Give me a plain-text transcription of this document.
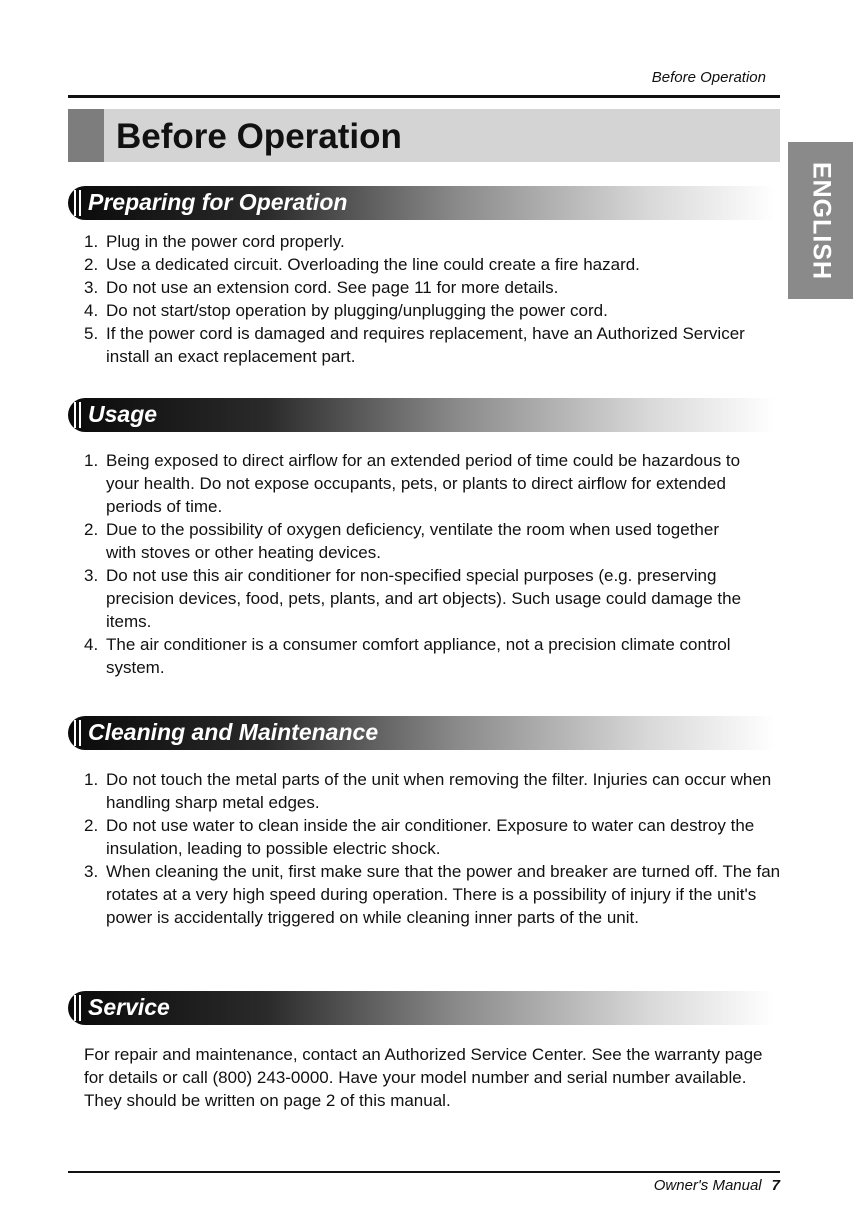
Before Operation
Before Operation
ENGLISH
Preparing for Operation
1. Plug in the power cord properly.
2. Use a dedicated circuit. Overloading the line could create a fire hazard.
3. Do not use an extension cord. See page 11 for more details.
4. Do not start/stop operation by plugging/unplugging the power cord.
5. If the power cord is damaged and requires replacement, have an Authorized Servicer install an exact replacement part.
Usage
1. Being exposed to direct airflow for an extended period of time could be hazardous to your health. Do not expose occupants, pets, or plants to direct airflow for extended periods of time.
2. Due to the possibility of oxygen deficiency, ventilate the room when used together with stoves or other heating devices.
3. Do not use this air conditioner for non-specified special purposes (e.g. preserving precision devices, food, pets, plants, and art objects). Such usage could damage the items.
4. The air conditioner is a consumer comfort appliance, not a precision climate control system.
Cleaning and Maintenance
1. Do not touch the metal parts of the unit when removing the filter. Injuries can occur when handling sharp metal edges.
2. Do not use water to clean inside the air conditioner. Exposure to water can destroy the insulation, leading to possible electric shock.
3. When cleaning the unit, first make sure that the power and breaker are turned off. The fan rotates at a very high speed during operation. There is a possibility of injury if the unit's power is accidentally triggered on while cleaning inner parts of the unit.
Service

For repair and maintenance, contact an Authorized Service Center. See the warranty page for details or call (800) 243-0000. Have your model number and serial number available. They should be written on page 2 of this manual.

Owner's Manual 7
